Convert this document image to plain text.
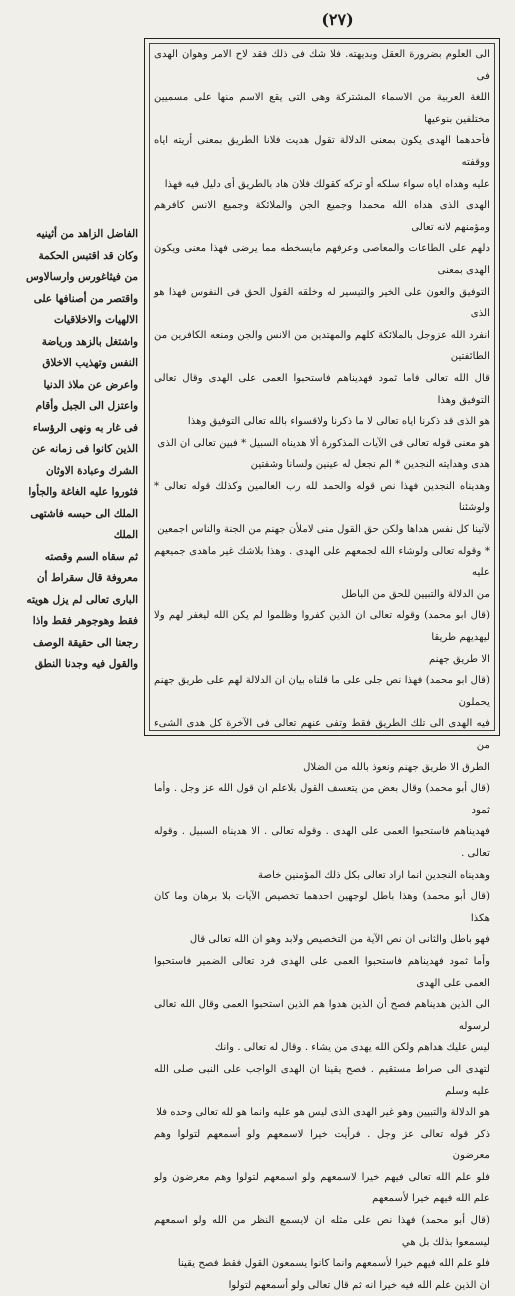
(٢٧)

الى العلوم بضرورة العقل وبديهته. فلا شك فى ذلك فقد لاح الامر وهوان الهدى فى

اللغة العربية من الاسماء المشتركة وهى التى يقع الاسم منها على مسميين مختلفين بنوعيها

فأحدهما الهدى يكون بمعنى الدلالة تقول هديت فلانا الطريق بمعنى أريته اياه ووقفته

عليه وهداه اياه سواء سلكه أو تركه كقولك فلان هاد بالطريق أى دليل فيه فهذا

الهدى الذى هداه الله محمدا وجميع الجن والملائكة وجميع الانس كافرهم ومؤمنهم لانه تعالى

دلهم على الطاعات والمعاصى وعرفهم مايسخطه مما يرضى فهذا معنى ويكون الهدى بمعنى

التوفيق والعون على الخير والتيسير له وخلقه القول الحق فى النفوس فهذا هو الذى

انفرد الله عزوجل بالملائكة كلهم والمهتدين من الانس والجن ومنعه الكافرين من الطائفتين

قال الله تعالى فاما ثمود فهديناهم فاستحبوا العمى على الهدى وقال تعالى التوفيق وهذا

هو الذى قد ذكرنا اياه تعالى لا ما ذكرنا ولاقسواء بالله تعالى التوفيق وهذا

هو معنى قوله تعالى فى الآيات المذكورة ألا هديناه السبيل * فبين تعالى ان الذى

هدى وهدايته النجدين * الم نجعل له عينين ولسانا وشفتين

وهديناه النجدين فهذا نص قوله والحمد لله رب العالمين وكذلك قوله تعالى * ولوشئنا

لآتينا كل نفس هداها ولكن حق القول منى لاملأن جهنم من الجنة والناس اجمعين

* وقوله تعالى ولوشاء الله لجمعهم على الهدى . وهذا بلاشك غير ماهدى جميعهم عليه

من الدلالة والتبيين للحق من الباطل

(قال ابو محمد) وقوله تعالى ان الذين كفروا وظلموا لم يكن الله ليغفر لهم ولا ليهديهم طريقا

الا طريق جهنم

(قال ابو محمد) فهذا نص جلى على ما قلناه بيان ان الدلالة لهم على طريق جهنم يحملون

فيه الهدى الى تلك الطريق فقط وتفى عنهم تعالى فى الآخرة كل هدى الشىء من

الطرق الا طريق جهنم ونعوذ بالله من الضلال

(قال أبو محمد) وقال بعض من يتعسف القول بلاعلم ان قول الله عز وجل . وأما ثمود

فهديناهم فاستحبوا العمى على الهدى . وقوله تعالى . الا هديناه السبيل . وقوله تعالى .

وهديناه النجدين انما اراد تعالى بكل ذلك المؤمنين خاصة

(قال أبو محمد) وهذا باطل لوجهين احدهما تخصيص الآيات بلا برهان وما كان هكذا

فهو باطل والثانى ان نص الآية من التخصيص ولابد وهو ان الله تعالى قال

وأما ثمود فهديناهم فاستحبوا العمى على الهدى فرد تعالى الضمير فاستحبوا العمى على الهدى

الى الذين هديناهم فصح أن الذين هدوا هم الذين استحبوا العمى وقال الله تعالى لرسوله

ليس عليك هداهم ولكن الله يهدى من يشاء . وقال له تعالى . وانك

لتهدى الى صراط مستقيم . فصح يقينا ان الهدى الواجب على النبى صلى الله عليه وسلم

هو الدلالة والتبيين وهو غير الهدى الذى ليس هو عليه وانما هو لله تعالى وحده فلا

ذكر قوله تعالى عز وجل . فرأيت خيرا لاسمعهم ولو أسمعهم لتولوا وهم معرضون

فلو علم الله تعالى فيهم خيرا لاسمعهم ولو اسمعهم لتولوا وهم معرضون ولو علم الله فيهم خيرا لأسمعهم

(قال أبو محمد) فهذا نص على مثله ان لايسمع النظر من الله ولو اسمعهم ليسمعوا بذلك بل هي

فلو علم الله فيهم خيرا لأسمعهم وانما كانوا يسمعون القول فقط فصح يقينا

ان الذين علم الله فيه خيرا انه ثم قال تعالى ولو أسمعهم لتولوا

الفاضل الزاهد من أثينيه

وكان قد اقتبس الحكمة

من فيثاغورس وارسالاوس

واقتصر من أصنافها على

الالهيات والاخلاقيات

واشتغل بالزهد ورياضة

النفس وتهذيب الاخلاق

واعرض عن ملاذ الدنيا

واعتزل الى الجبل وأقام

فى غار به ونهى الرؤساء

الذين كانوا فى زمانه عن

الشرك وعبادة الاوثان

فثوروا عليه الغاغة والجأوا

الملك الى حبسه فاشتهى الملك

ثم سقاه السم وقصته

معروفة قال سقراط أن

البارى تعالى لم يزل هويته

فقط وهوجوهر فقط واذا

رجعنا الى حقيقة الوصف

والقول فيه وجدنا النطق
